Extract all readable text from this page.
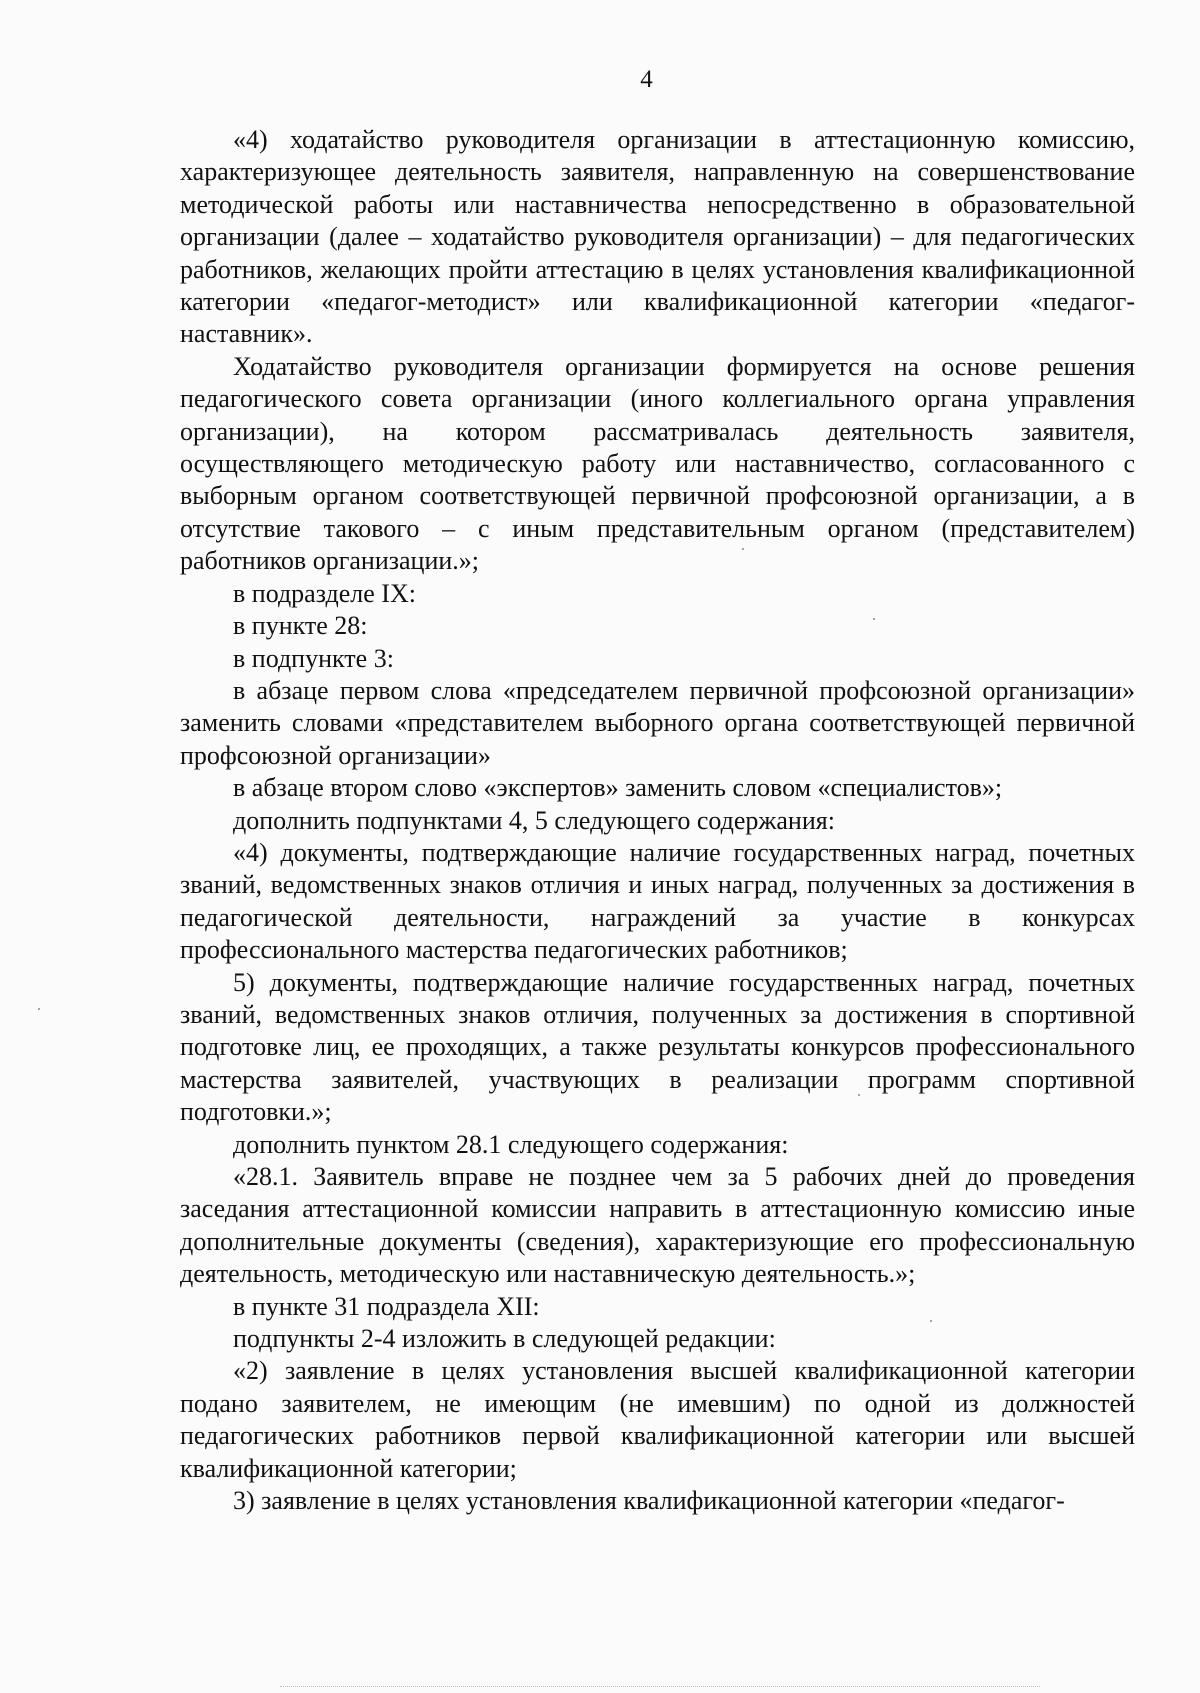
4

«4) ходатайство руководителя организации в аттестационную комиссию, характеризующее деятельность заявителя, направленную на совершенствование методической работы или наставничества непосредственно в образовательной организации (далее – ходатайство руководителя организации) – для педагогических работников, желающих пройти аттестацию в целях установления квалификационной категории «педагог-методист» или квалификационной категории «педагог-наставник».

Ходатайство руководителя организации формируется на основе решения педагогического совета организации (иного коллегиального органа управления организации), на котором рассматривалась деятельность заявителя, осуществляющего методическую работу или наставничество, согласованного с выборным органом соответствующей первичной профсоюзной организации, а в отсутствие такового – с иным представительным органом (представителем) работников организации.»;

в подразделе IX:

в пункте 28:

в подпункте 3:

в абзаце первом слова «председателем первичной профсоюзной организации» заменить словами «представителем выборного органа соответствующей первичной профсоюзной организации»

в абзаце втором слово «экспертов» заменить словом «специалистов»;

дополнить подпунктами 4, 5 следующего содержания:

«4) документы, подтверждающие наличие государственных наград, почетных званий, ведомственных знаков отличия и иных наград, полученных за достижения в педагогической деятельности, награждений за участие в конкурсах профессионального мастерства педагогических работников;

5) документы, подтверждающие наличие государственных наград, почетных званий, ведомственных знаков отличия, полученных за достижения в спортивной подготовке лиц, ее проходящих, а также результаты конкурсов профессионального мастерства заявителей, участвующих в реализации программ спортивной подготовки.»;

дополнить пунктом 28.1 следующего содержания:

«28.1. Заявитель вправе не позднее чем за 5 рабочих дней до проведения заседания аттестационной комиссии направить в аттестационную комиссию иные дополнительные документы (сведения), характеризующие его профессиональную деятельность, методическую или наставническую деятельность.»;

в пункте 31 подраздела XII:

подпункты 2-4 изложить в следующей редакции:

«2) заявление в целях установления высшей квалификационной категории подано заявителем, не имеющим (не имевшим) по одной из должностей педагогических работников первой квалификационной категории или высшей квалификационной категории;

3) заявление в целях установления квалификационной категории «педагог-
